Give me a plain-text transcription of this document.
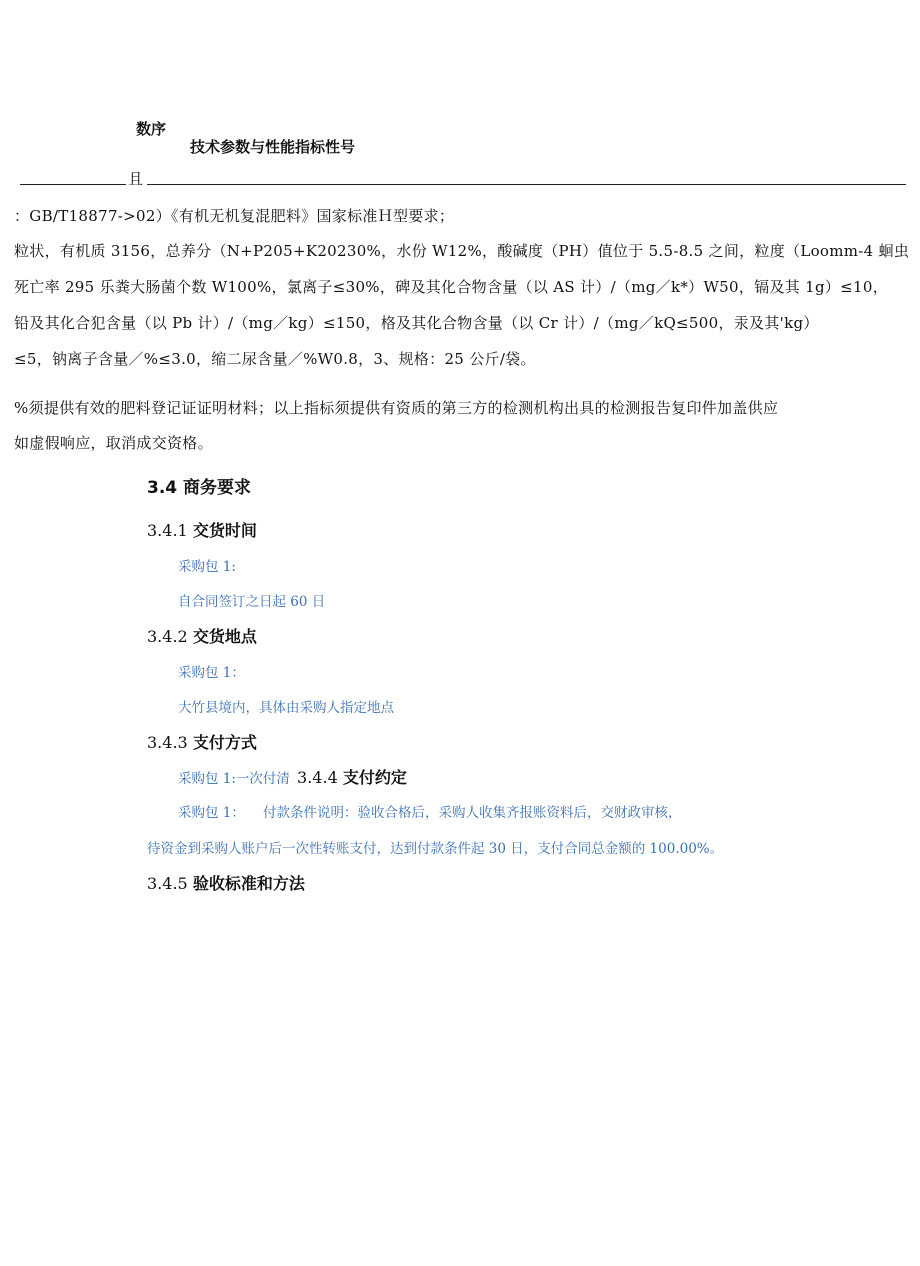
数序
技术参数与性能指标性号
且
：GB/T18877->02）《有机无机复混肥料》国家标准Ｈ型要求；
粒状，有机质 3156，总养分（N+P205+K20230%，水份 W12%，酸碱度（PH）值位于 5.5-8.5 之间，粒度（Loomm-4 蛔虫
死亡率 295 乐粪大肠菌个数 W100%，氯离子≤30%，碑及其化合物含量（以 AS 计）/（mg／k*）W50，镉及其 1g）≤10，
铅及其化合犯含量（以 Pb 计）/（mg／kg）≤150，格及其化合物含量（以 Cr 计）/（mg／kQ≤500，汞及其'kg）
≤5，钠离子含量／%≤3.0，缩二尿含量／%W0.8，3、规格：25 公斤/袋。
%须提供有效的肥料登记证证明材料；以上指标须提供有资质的第三方的检测机构出具的检测报告复印件加盖供应
如虚假响应，取消成交资格。
3.4 商务要求
3.4.1 交货时间
采购包 1:
自合同签订之日起 60 日
3.4.2 交货地点
采购包 1：
大竹县境内，具体由采购人指定地点
3.4.3 支付方式
采购包 1:一次付清 3.4.4 支付约定
采购包 1： 付款条件说明：验收合格后，采购人收集齐报账资料后，交财政审核，
待资金到采购人账户后一次性转账支付，达到付款条件起 30 日，支付合同总金额的 100.00%。
3.4.5 验收标准和方法
